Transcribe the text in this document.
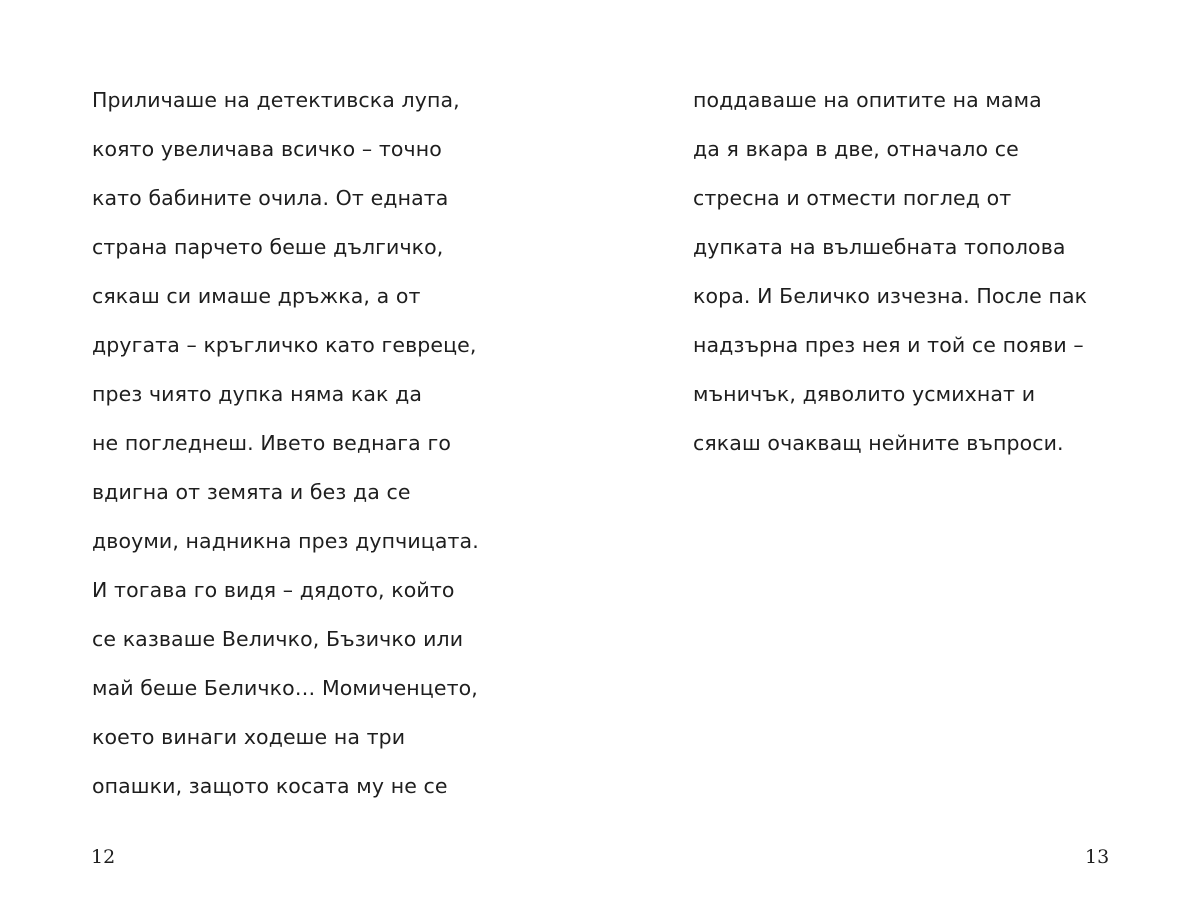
Приличаше на детективска лупа,
която увеличава всичко – точно
като бабините очила. От едната
страна парчето беше дългичко,
сякаш си имаше дръжка, а от
другата – кръгличко като гевреце,
през чиято дупка няма как да
не погледнеш. Ивето веднага го
вдигна от земята и без да се
двоуми, надникна през дупчицата.
И тогава го видя – дядото, който
се казваше Величко, Бъзичко или
май беше Беличко… Момиченцето,
което винаги ходеше на три
опашки, защото косата му не се
поддаваше на опитите на мама
да я вкара в две, отначало се
стресна и отмести поглед от
дупката на вълшебната тополова
кора. И Беличко изчезна. После пак
надзърна през нея и той се появи –
мъничък, дяволито усмихнат и
сякаш очакващ нейните въпроси.
12	13
